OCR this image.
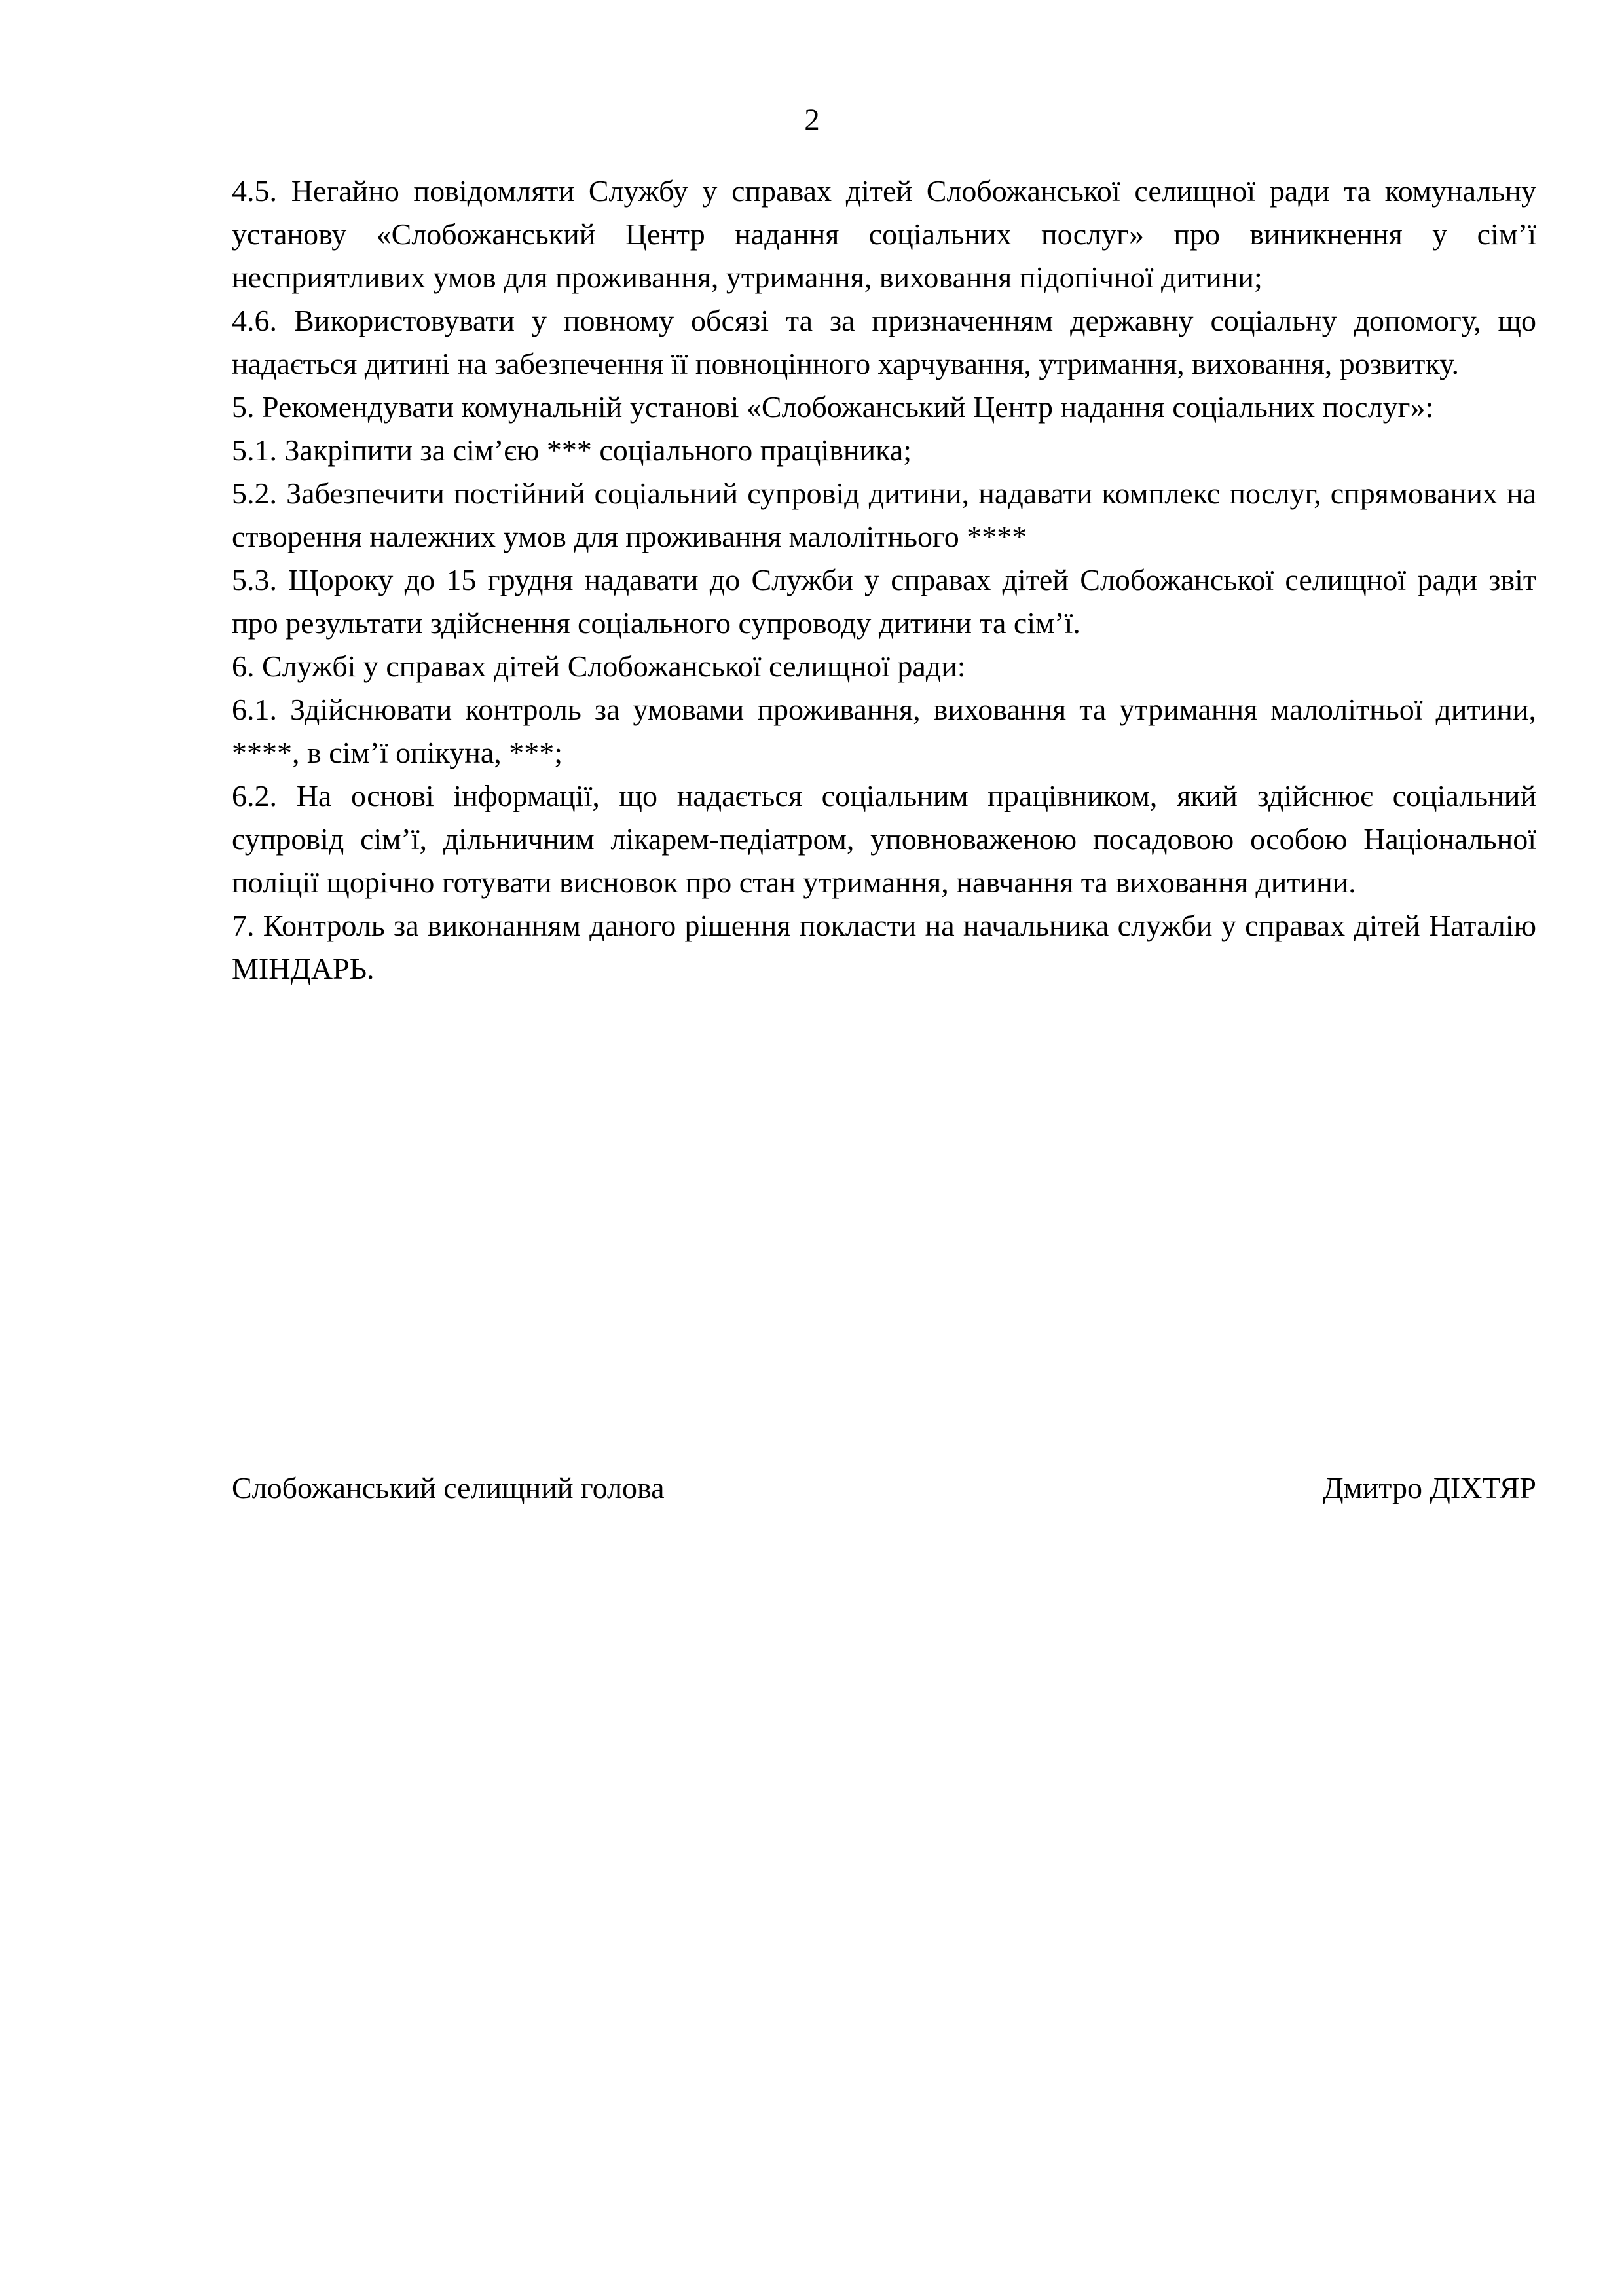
2

4.5. Негайно повідомляти Службу у справах дітей Слобожанської селищної ради та комунальну установу «Слобожанський Центр надання соціальних послуг» про виникнення у сім’ї несприятливих умов для проживання, утримання, виховання підопічної дитини;

4.6. Використовувати у повному обсязі та за призначенням державну соціальну допомогу, що надається дитині на забезпечення її повноцінного харчування, утримання, виховання, розвитку.

5. Рекомендувати комунальній установі «Слобожанський Центр надання соціальних послуг»:

5.1. Закріпити за сім’єю *** соціального працівника;

5.2. Забезпечити постійний соціальний супровід дитини, надавати комплекс послуг, спрямованих на створення належних умов для проживання малолітнього ****

5.3. Щороку до 15 грудня надавати до Служби у справах дітей Слобожанської селищної ради звіт про результати здійснення соціального супроводу дитини та сім’ї.

6. Службі у справах дітей Слобожанської селищної ради:

6.1. Здійснювати контроль за умовами проживання, виховання та утримання малолітньої дитини, ****, в сім’ї опікуна, ***;

6.2. На основі інформації, що надається соціальним працівником, який здійснює соціальний супровід сім’ї, дільничним лікарем-педіатром, уповноваженою посадовою особою Національної поліції щорічно готувати висновок про стан утримання, навчання та виховання дитини.

7. Контроль за виконанням даного рішення покласти на начальника служби у справах дітей Наталію МІНДАРЬ.

Слобожанський селищний голова	Дмитро ДІХТЯР
